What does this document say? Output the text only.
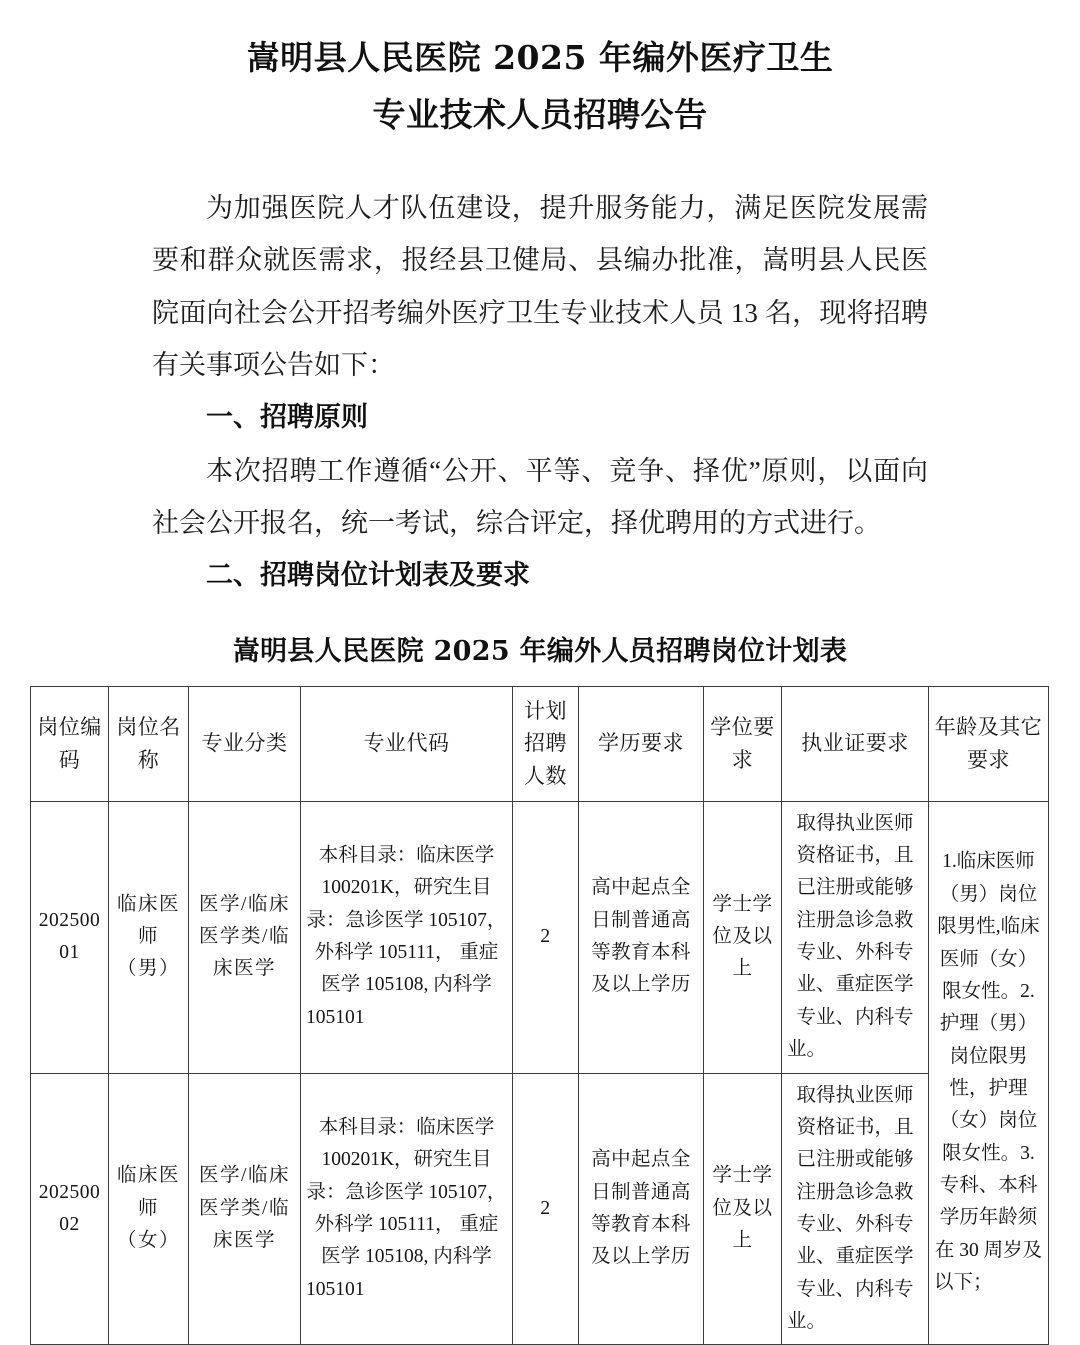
嵩明县人民医院 2025 年编外医疗卫生
专业技术人员招聘公告

为加强医院人才队伍建设，提升服务能力，满足医院发展需要和群众就医需求，报经县卫健局、县编办批准，嵩明县人民医院面向社会公开招考编外医疗卫生专业技术人员 13 名，现将招聘有关事项公告如下：

一、招聘原则

本次招聘工作遵循“公开、平等、竞争、择优”原则，以面向社会公开报名，统一考试，综合评定，择优聘用的方式进行。

二、招聘岗位计划表及要求
嵩明县人民医院 2025 年编外人员招聘岗位计划表
岗位编码	岗位名称	专业分类	专业代码	计划招聘人数	学历要求	学位要求	执业证要求	年龄及其它要求
202500 01	临床医师（男）	医学/临床医学类/临床医学	本科目录：临床医学 100201K，研究生目录：急诊医学 105107， 外科学 105111， 重症医学 105108, 内科学 105101	2	高中起点全日制普通高等教育本科及以上学历	学士学位及以上	取得执业医师资格证书，且已注册或能够注册急诊急救专业、外科专业、重症医学专业、内科专业。	1.临床医师（男）岗位限男性,临床医师（女）限女性。2.护理（男）岗位限男性，护理（女）岗位限女性。3.专科、本科学历年龄须在 30 周岁及以下；
202500 02	临床医师（女）	医学/临床医学类/临床医学	本科目录：临床医学 100201K，研究生目录：急诊医学 105107， 外科学 105111， 重症医学 105108, 内科学 105101	2	高中起点全日制普通高等教育本科及以上学历	学士学位及以上	取得执业医师资格证书，且已注册或能够注册急诊急救专业、外科专业、重症医学专业、内科专业。	
